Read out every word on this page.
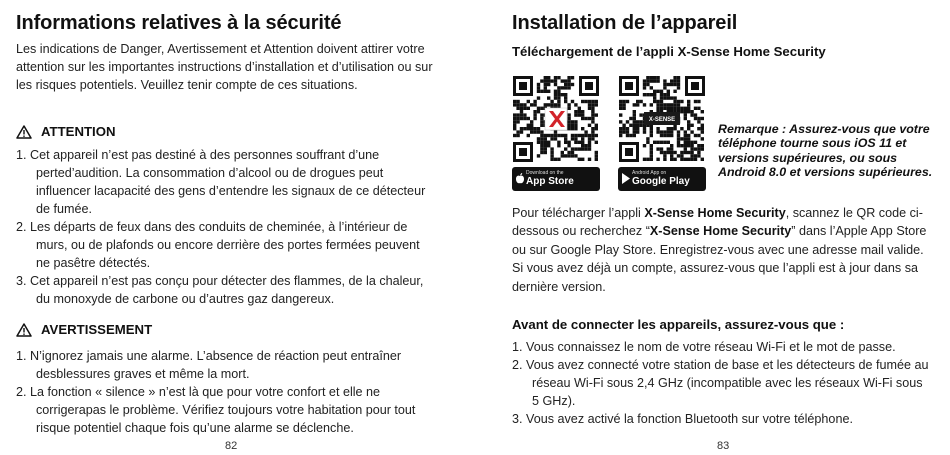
Informations relatives à la sécurité

Les indications de Danger, Avertissement et Attention doivent attirer votre attention sur les importantes instructions d’installation et d’utilisation ou sur les risques potentiels. Veuillez tenir compte de ces situations.

ATTENTION
1. Cet appareil n’est pas destiné à des personnes souffrant d’une perted’audition. La consommation d’alcool ou de drogues peut influencer lacapacité des gens d’entendre les signaux de ce détecteur de fumée.
2. Les départs de feux dans des conduits de cheminée, à l’intérieur de murs, ou de plafonds ou encore derrière des portes fermées peuvent ne pasêtre détectés.
3. Cet appareil n’est pas conçu pour détecter des flammes, de la chaleur, du monoxyde de carbone ou d’autres gaz dangereux.
AVERTISSEMENT
1. N’ignorez jamais une alarme. L’absence de réaction peut entraîner desblessures graves et même la mort.
2. La fonction « silence » n’est là que pour votre confort et elle ne corrigerapas le problème. Vérifiez toujours votre habitation pour tout risque potentiel chaque fois qu’une alarme se déclenche.
82
Installation de l’appareil
Téléchargement de l’appli X-Sense Home Security
Download on the
App Store
X-SENSE
Android App on
Google Play

Remarque : Assurez-vous que votre téléphone tourne sous iOS 11 et versions supérieures, ou sous Android 8.0 et versions supérieures.

Pour télécharger l’appli X-Sense Home Security, scannez le QR code ci-dessous ou recherchez “X-Sense Home Security” dans l’Apple App Store ou sur Google Play Store. Enregistrez-vous avec une adresse mail valide. Si vous avez déjà un compte, assurez-vous que l’appli est à jour dans sa dernière version.

Avant de connecter les appareils, assurez-vous que :
1. Vous connaissez le nom de votre réseau Wi-Fi et le mot de passe.
2. Vous avez connecté votre station de base et les détecteurs de fumée au réseau Wi-Fi sous 2,4 GHz (incompatible avec les réseaux Wi-Fi sous 5 GHz).
3. Vous avez activé la fonction Bluetooth sur votre téléphone.
83
